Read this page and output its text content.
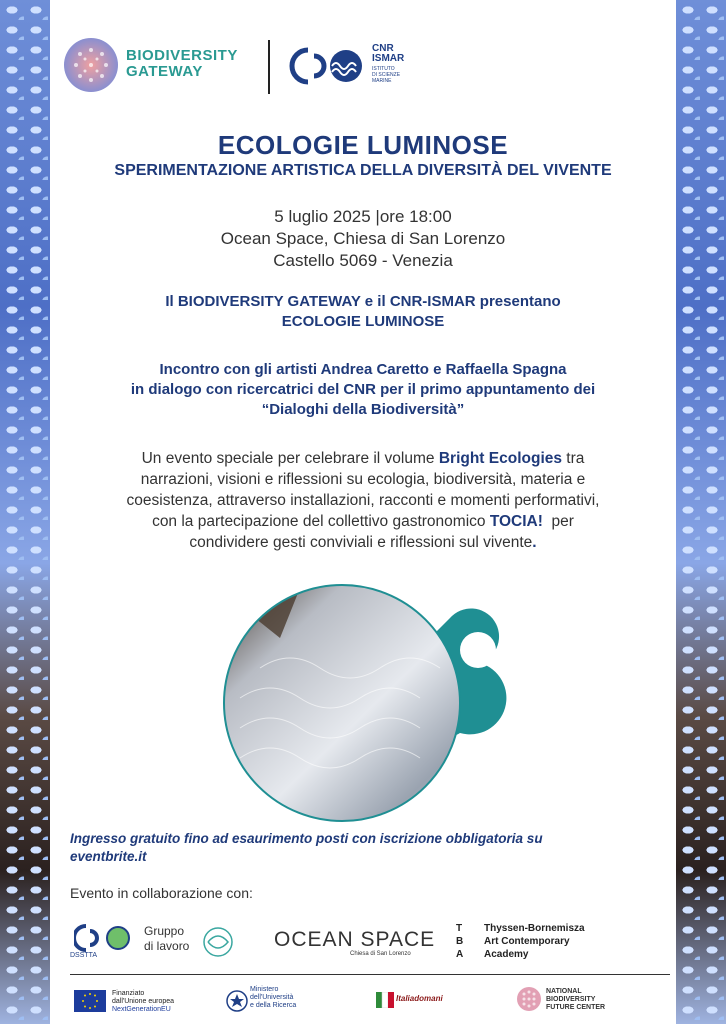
BIODIVERSITY
GATEWAY
CNR
ISMAR
ISTITUTO
DI SCIENZE
MARINE
ECOLOGIE LUMINOSE
SPERIMENTAZIONE ARTISTICA DELLA DIVERSITÀ DEL VIVENTE
5 luglio 2025 |ore 18:00
Ocean Space, Chiesa di San Lorenzo
Castello 5069 - Venezia
Il BIODIVERSITY GATEWAY e il CNR-ISMAR presentano
ECOLOGIE LUMINOSE
Incontro con gli artisti Andrea Caretto e Raffaella Spagna
in dialogo con ricercatrici del CNR per il primo appuntamento dei
“Dialoghi della Biodiversità”
Un evento speciale per celebrare il volume Bright Ecologies tra
narrazioni, visioni e riflessioni su ecologia, biodiversità, materia e
coesistenza, attraverso installazioni, racconti e momenti performativi,
con la partecipazione del collettivo gastronomico TOCIA!  per
condividere gesti conviviali e riflessioni sul vivente.
Ingresso gratuito fino ad esaurimento posti con iscrizione obbligatoria su
eventbrite.it
Evento in collaborazione con:
DSSTTA
Gruppo
di lavoro	OCEAN SPACE
Chiesa di San Lorenzo
T
B
A
Thyssen-Bornemisza
Art Contemporary
Academy
Finanziato
dall'Unione europea
NextGenerationEU
Ministero
dell'Università
e della Ricerca
Italiadomani
NATIONAL
BIODIVERSITY
FUTURE CENTER
